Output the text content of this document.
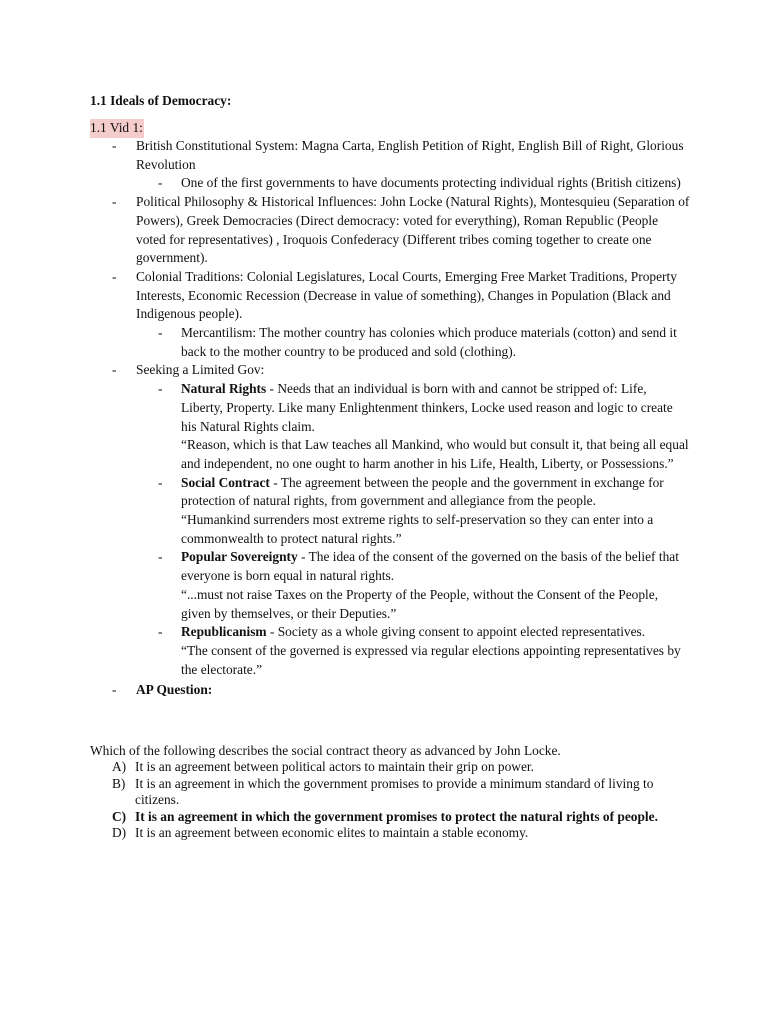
1.1 Ideals of Democracy:
1.1 Vid 1:
- British Constitutional System: Magna Carta, English Petition of Right, English Bill of Right, Glorious Revolution
- One of the first governments to have documents protecting individual rights (British citizens)
- Political Philosophy & Historical Influences: John Locke (Natural Rights), Montesquieu (Separation of Powers), Greek Democracies (Direct democracy: voted for everything), Roman Republic (People voted for representatives) , Iroquois Confederacy (Different tribes coming together to create one government).
- Colonial Traditions: Colonial Legislatures, Local Courts, Emerging Free Market Traditions, Property Interests, Economic Recession (Decrease in value of something), Changes in Population (Black and Indigenous people).
- Mercantilism: The mother country has colonies which produce materials (cotton) and send it back to the mother country to be produced and sold (clothing).
- Seeking a Limited Gov:
- Natural Rights - Needs that an individual is born with and cannot be stripped of: Life, Liberty, Property. Like many Enlightenment thinkers, Locke used reason and logic to create his Natural Rights claim.
“Reason, which is that Law teaches all Mankind, who would but consult it, that being all equal and independent, no one ought to harm another in his Life, Health, Liberty, or Possessions.”
- Social Contract - The agreement between the people and the government in exchange for protection of natural rights, from government and allegiance from the people.
“Humankind surrenders most extreme rights to self-preservation so they can enter into a commonwealth to protect natural rights.”
- Popular Sovereignty - The idea of the consent of the governed on the basis of the belief that everyone is born equal in natural rights.
“...must not raise Taxes on the Property of the People, without the Consent of the People, given by themselves, or their Deputies.”
- Republicanism - Society as a whole giving consent to appoint elected representatives.
“The consent of the governed is expressed via regular elections appointing representatives by the electorate.”
- AP Question:
Which of the following describes the social contract theory as advanced by John Locke.
A) It is an agreement between political actors to maintain their grip on power.
B) It is an agreement in which the government promises to provide a minimum standard of living to citizens.
C) It is an agreement in which the government promises to protect the natural rights of people.
D) It is an agreement between economic elites to maintain a stable economy.
